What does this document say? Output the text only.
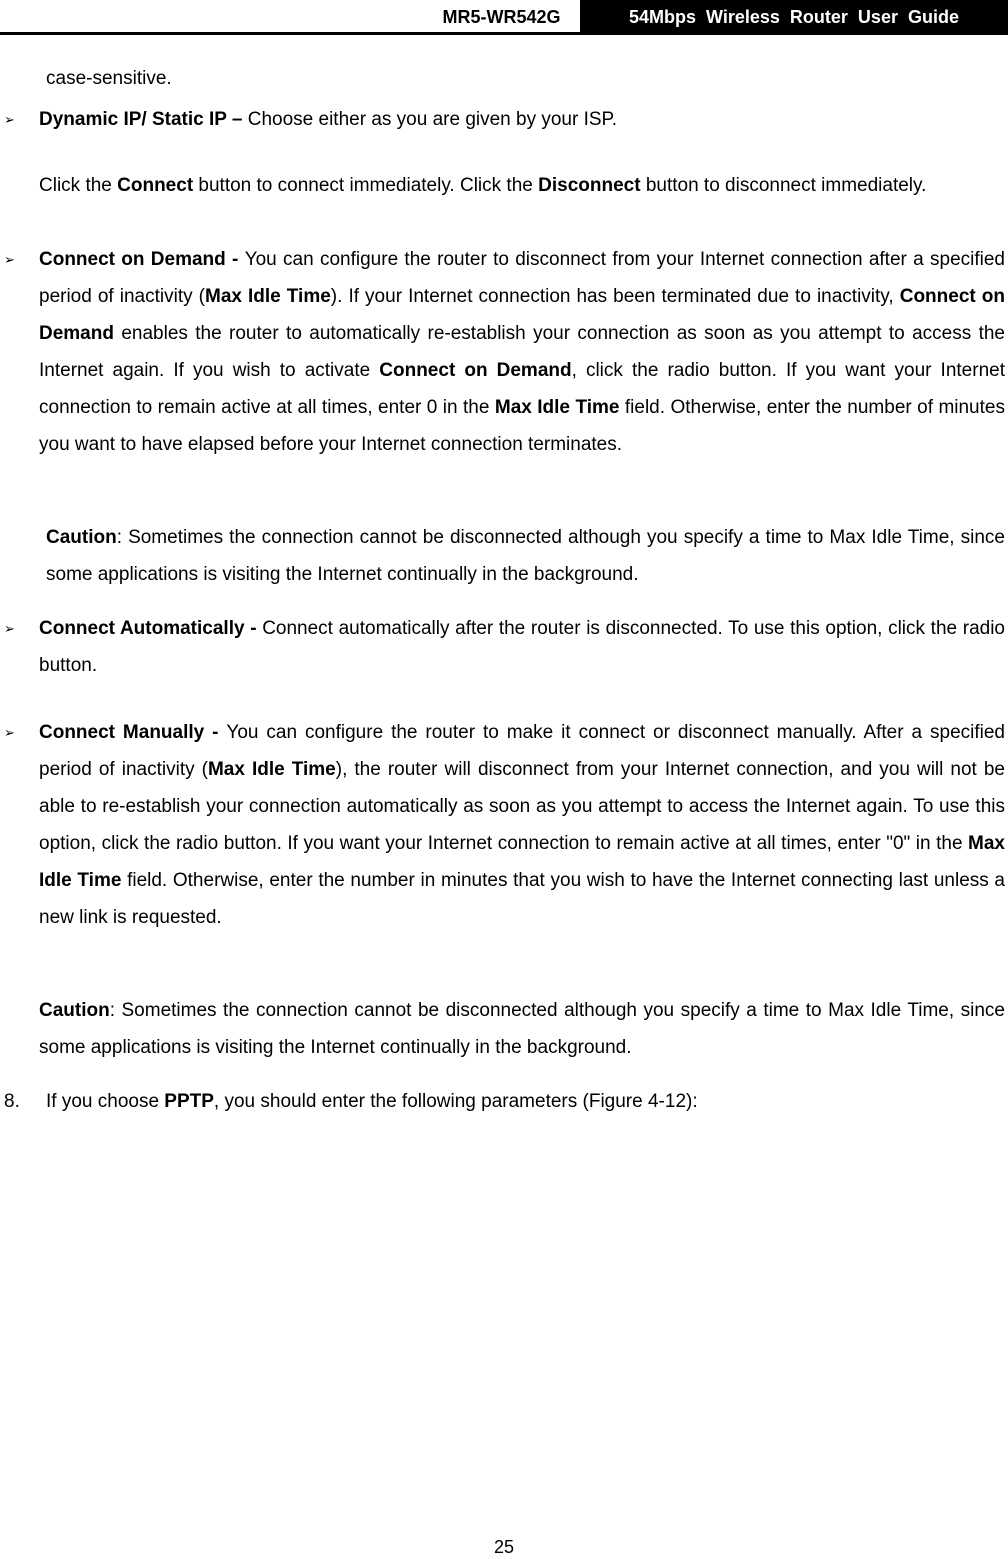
MR5-WR542G	54Mbps Wireless Router User Guide
case-sensitive.
➢ Dynamic IP/ Static IP – Choose either as you are given by your ISP.
Click the Connect button to connect immediately. Click the Disconnect button to disconnect immediately.
➢ Connect on Demand - You can configure the router to disconnect from your Internet connection after a specified period of inactivity (Max Idle Time). If your Internet connection has been terminated due to inactivity, Connect on Demand enables the router to automatically re-establish your connection as soon as you attempt to access the Internet again. If you wish to activate Connect on Demand, click the radio button. If you want your Internet connection to remain active at all times, enter 0 in the Max Idle Time field. Otherwise, enter the number of minutes you want to have elapsed before your Internet connection terminates.
Caution: Sometimes the connection cannot be disconnected although you specify a time to Max Idle Time, since some applications is visiting the Internet continually in the background.
➢ Connect Automatically - Connect automatically after the router is disconnected. To use this option, click the radio button.
➢ Connect Manually - You can configure the router to make it connect or disconnect manually. After a specified period of inactivity (Max Idle Time), the router will disconnect from your Internet connection, and you will not be able to re-establish your connection automatically as soon as you attempt to access the Internet again. To use this option, click the radio button. If you want your Internet connection to remain active at all times, enter "0" in the Max Idle Time field. Otherwise, enter the number in minutes that you wish to have the Internet connecting last unless a new link is requested.
Caution: Sometimes the connection cannot be disconnected although you specify a time to Max Idle Time, since some applications is visiting the Internet continually in the background.
8. If you choose PPTP, you should enter the following parameters (Figure 4-12):
25
